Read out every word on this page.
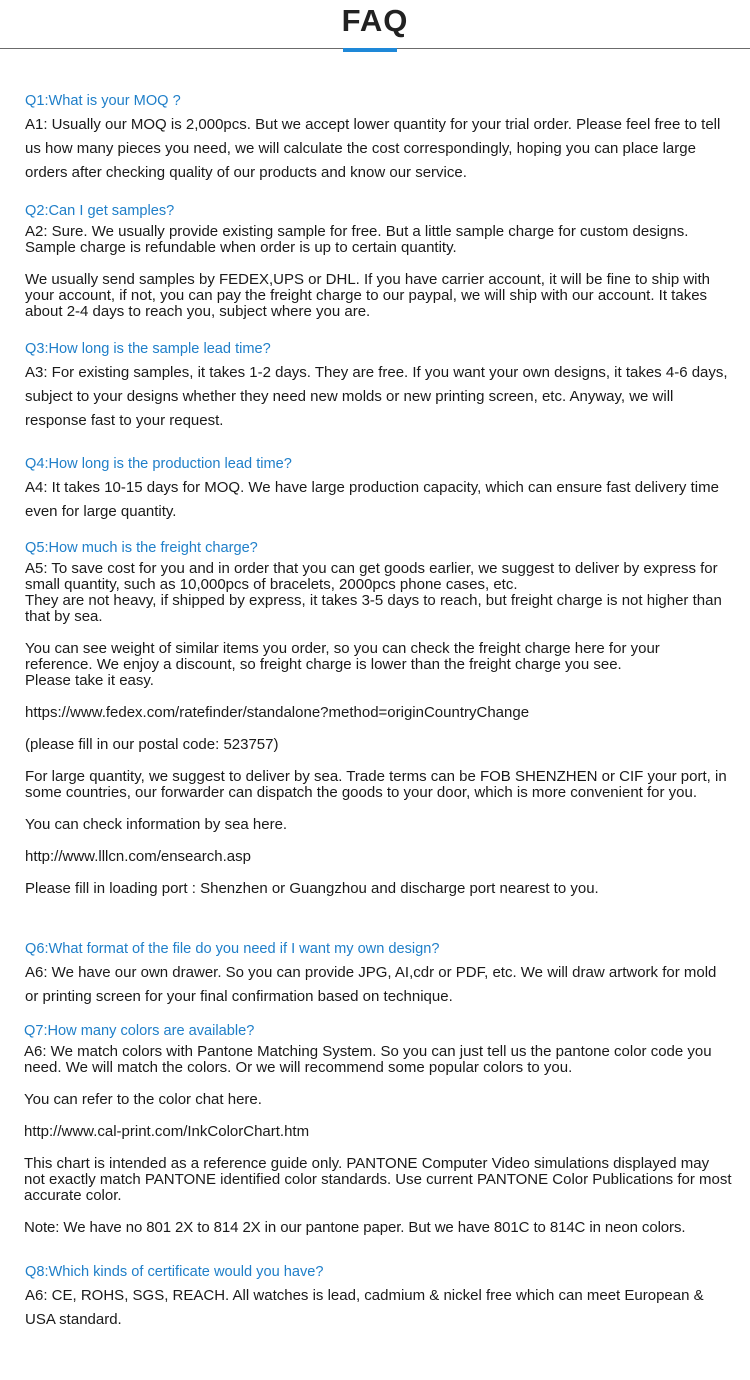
FAQ

Q1:What is your MOQ ?

A1: Usually our MOQ is 2,000pcs. But we accept lower quantity for your trial order. Please feel free to tell us how many pieces you need, we will calculate the cost correspondingly, hoping you can place large orders after checking quality of our products and know our service.

Q2:Can I get samples?

A2: Sure. We usually provide existing sample for free. But a little sample charge for custom designs. Sample charge is refundable when order is up to certain quantity.

We usually send samples by FEDEX,UPS or DHL. If you have carrier account, it will be fine to ship with your account, if not, you can pay the freight charge to our paypal, we will ship with our account. It takes about 2-4 days to reach you, subject where you are.

Q3:How long is the sample lead time?

A3: For existing samples, it takes 1-2 days. They are free. If you want your own designs, it takes 4-6 days, subject to your designs whether they need new molds or new printing screen, etc. Anyway, we will response fast to your request.

Q4:How long is the production lead time?

A4: It takes 10-15 days for MOQ. We have large production capacity, which can ensure fast delivery time even for large quantity.

Q5:How much is the freight charge?

A5: To save cost for you and in order that you can get goods earlier, we suggest to deliver by express for small quantity, such as 10,000pcs of bracelets, 2000pcs phone cases, etc.

They are not heavy, if shipped by express, it takes 3-5 days to reach, but freight charge is not higher than that by sea.

You can see weight of similar items you order, so you can check the freight charge here for your reference. We enjoy a discount, so freight charge is lower than the freight charge you see.

Please take it easy.

https://www.fedex.com/ratefinder/standalone?method=originCountryChange

(please fill in our postal code: 523757)

For large quantity, we suggest to deliver by sea. Trade terms can be FOB SHENZHEN or CIF your port, in some countries, our forwarder can dispatch the goods to your door, which is more convenient for you.

You can check information by sea here.

http://www.lllcn.com/ensearch.asp

Please fill in loading port : Shenzhen or Guangzhou and discharge port nearest to you.

Q6:What format of the file do you need if I want my own design?

A6: We have our own drawer. So you can provide JPG, AI,cdr or PDF, etc. We will draw artwork for mold or printing screen for your final confirmation based on technique.

Q7:How many colors are available?

A6: We match colors with Pantone Matching System. So you can just tell us the pantone color code you need. We will match the colors. Or we will recommend some popular colors to you.

You can refer to the color chat here.

http://www.cal-print.com/InkColorChart.htm

This chart is intended as a reference guide only. PANTONE Computer Video simulations displayed may not exactly match PANTONE identified color standards. Use current PANTONE Color Publications for most accurate color.

Note: We have no 801 2X to 814 2X in our pantone paper. But we have 801C to 814C in neon colors.

Q8:Which kinds of certificate would you have?

A6: CE, ROHS, SGS, REACH. All watches is lead, cadmium & nickel free which can meet European & USA standard.
